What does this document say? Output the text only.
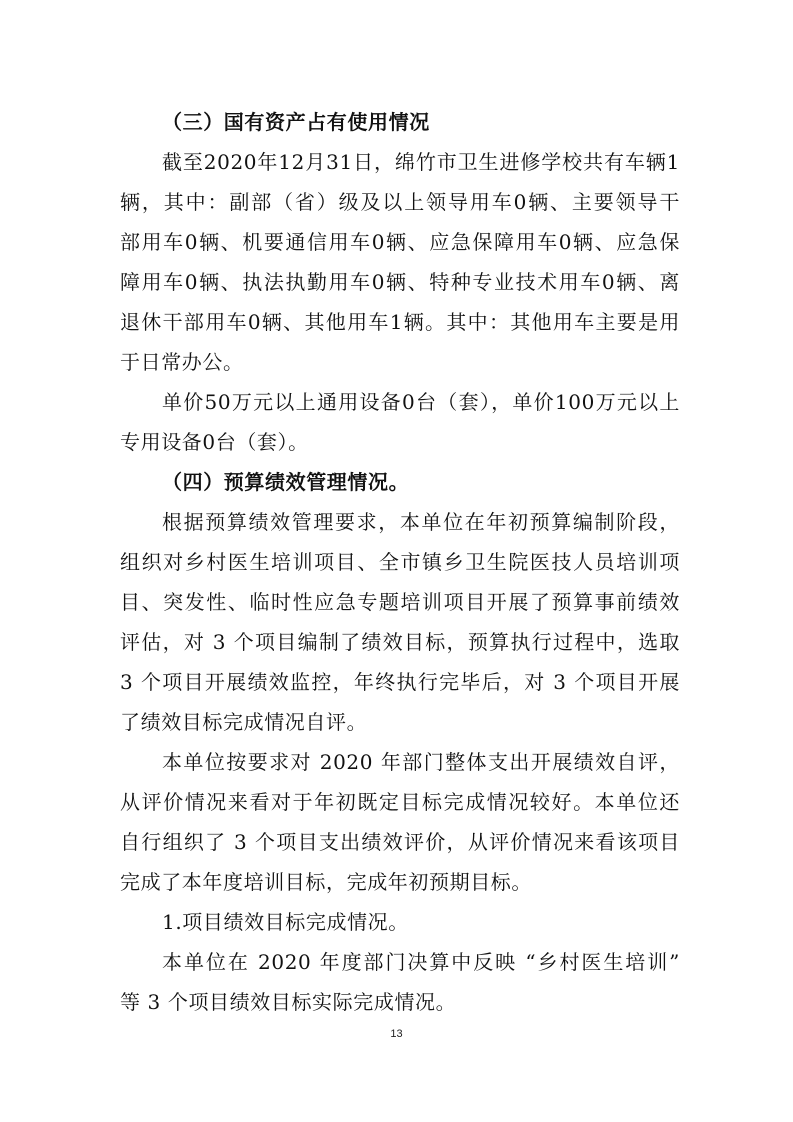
（三）国有资产占有使用情况
截至2020年12月31日，绵竹市卫生进修学校共有车辆1
辆，其中：副部（省）级及以上领导用车0辆、主要领导干
部用车0辆、机要通信用车0辆、应急保障用车0辆、应急保
障用车0辆、执法执勤用车0辆、特种专业技术用车0辆、离
退休干部用车0辆、其他用车1辆。其中：其他用车主要是用
于日常办公。
单价50万元以上通用设备0台（套），单价100万元以上
专用设备0台（套）。
（四）预算绩效管理情况。
根据预算绩效管理要求，本单位在年初预算编制阶段，
组织对乡村医生培训项目、全市镇乡卫生院医技人员培训项
目、突发性、临时性应急专题培训项目开展了预算事前绩效
评估，对 3 个项目编制了绩效目标，预算执行过程中，选取
3 个项目开展绩效监控，年终执行完毕后，对 3 个项目开展
了绩效目标完成情况自评。
本单位按要求对 2020 年部门整体支出开展绩效自评，
从评价情况来看对于年初既定目标完成情况较好。本单位还
自行组织了 3 个项目支出绩效评价，从评价情况来看该项目
完成了本年度培训目标，完成年初预期目标。
1.项目绩效目标完成情况。
本单位在 2020 年度部门决算中反映 “乡村医生培训”
等 3 个项目绩效目标实际完成情况。
13
